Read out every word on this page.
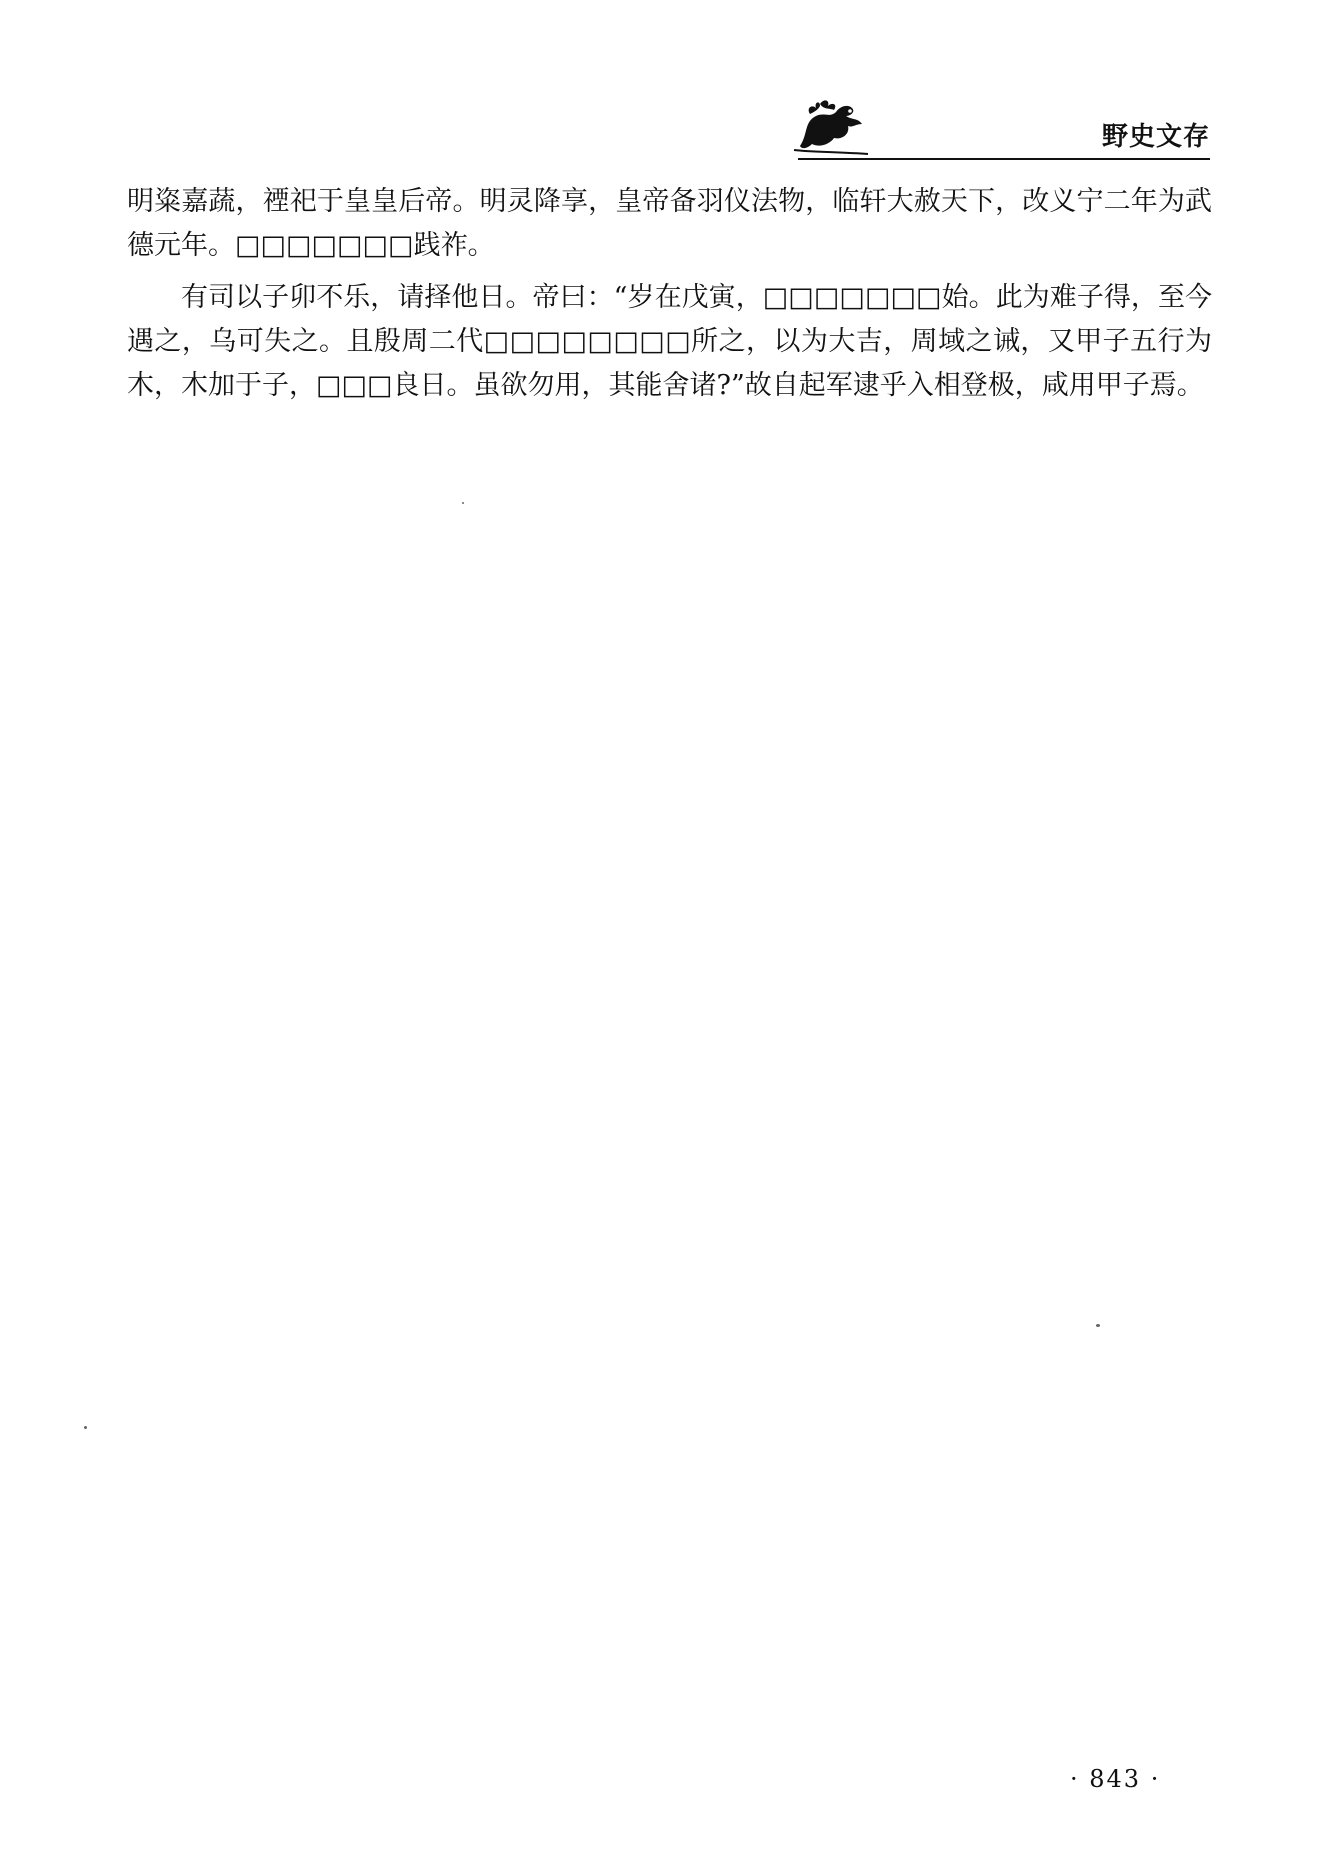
野史文存

明粢嘉蔬，禋祀于皇皇后帝。明灵降享，皇帝备羽仪法物，临轩大赦天下，改义宁二年为武德元年。□□□□□□□践祚。

有司以子卯不乐，请择他日。帝曰：“岁在戊寅，□□□□□□□始。此为难子得，至今遇之，乌可失之。且殷周二代□□□□□□□□所之，以为大吉，周域之诫，又甲子五行为木，木加于子，□□□良日。虽欲勿用，其能舍诸?”故自起军逮乎入相登极，咸用甲子焉。

· 843 ·
